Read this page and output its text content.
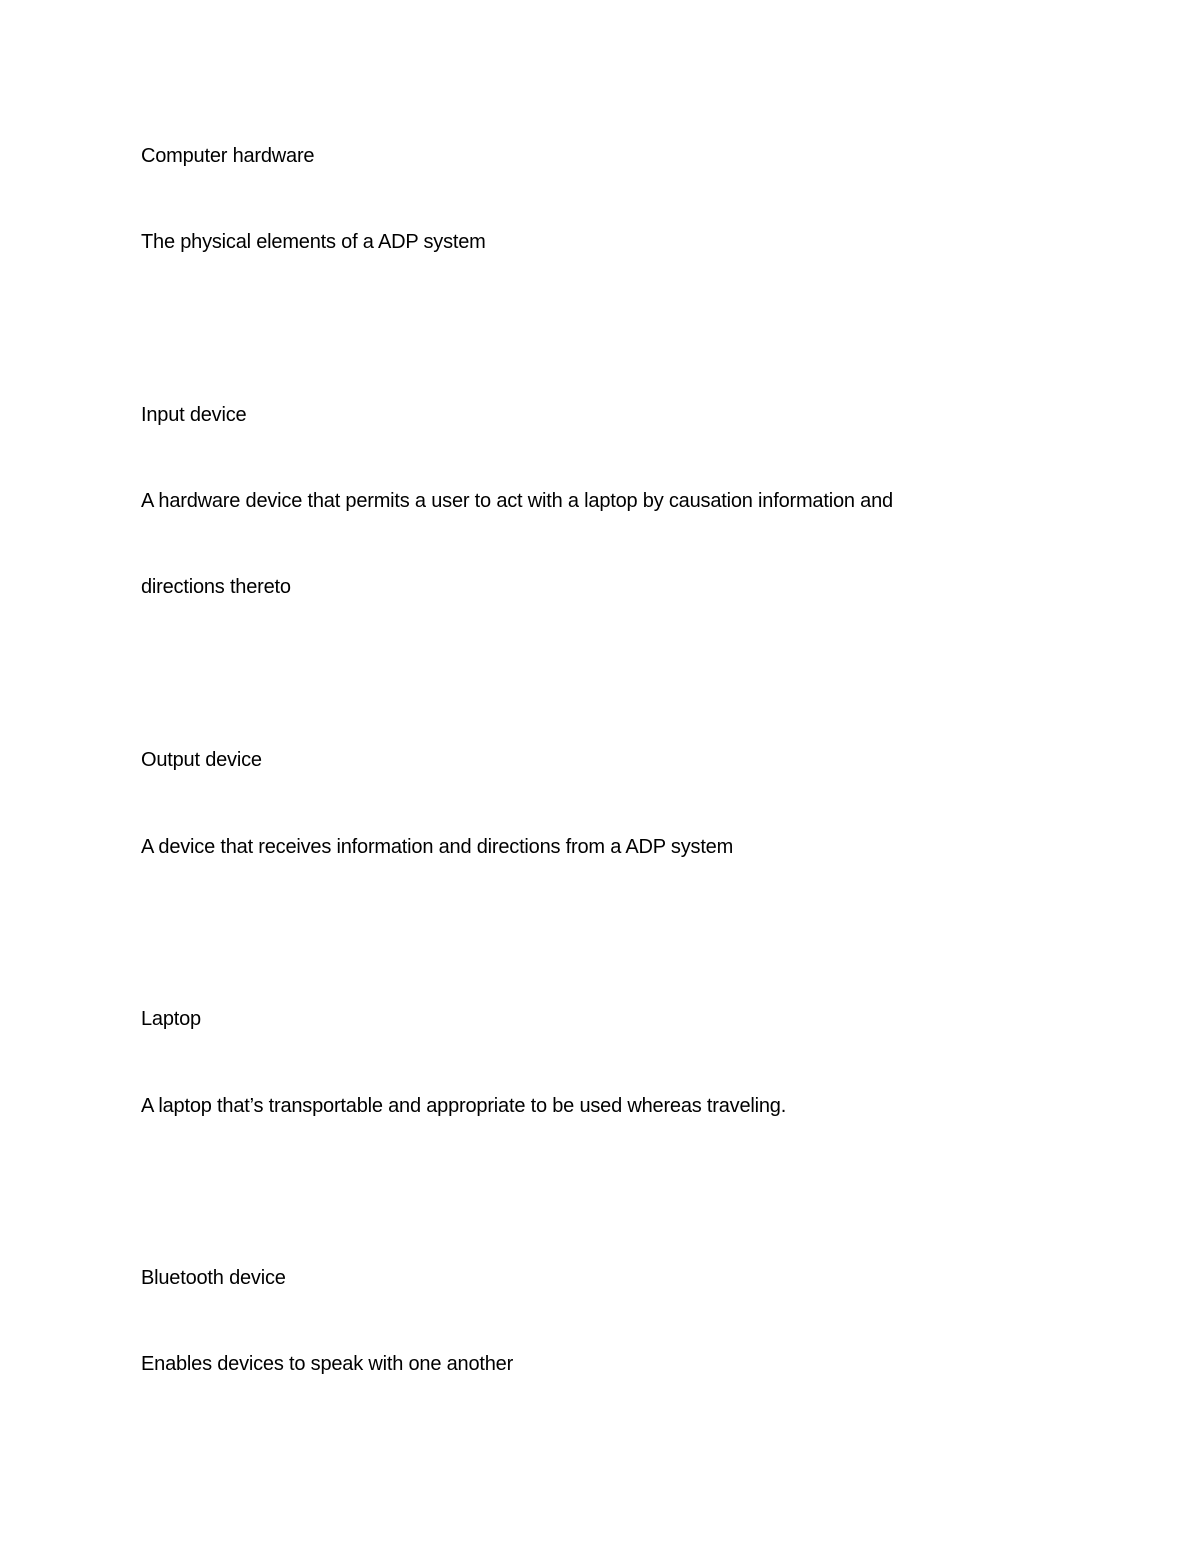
Computer hardware

The physical elements of a ADP system

Input device

A hardware device that permits a user to act with a laptop by causation information and

directions thereto

Output device

A device that receives information and directions from a ADP system

Laptop

A laptop that’s transportable and appropriate to be used whereas traveling.

Bluetooth device

Enables devices to speak with one another
